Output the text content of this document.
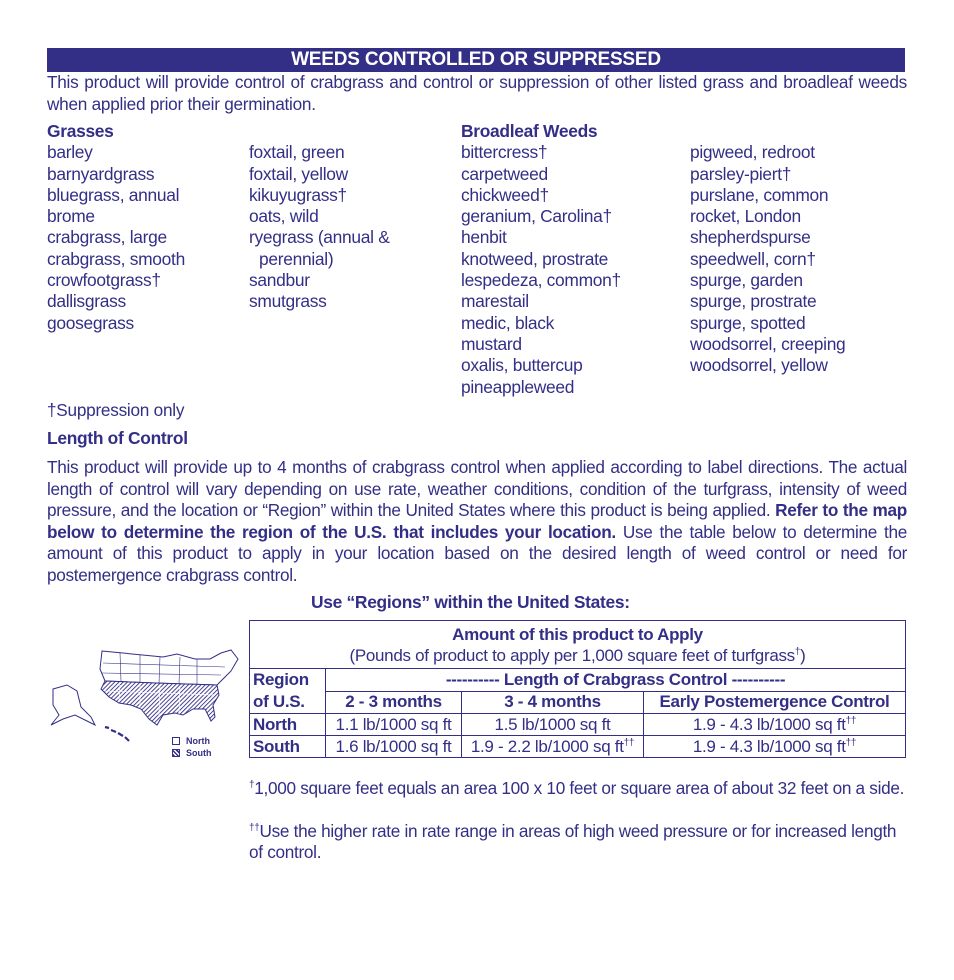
WEEDS CONTROLLED OR SUPPRESSED
This product will provide control of crabgrass and control or suppression of other listed grass and broadleaf weeds when applied prior their germination.
Grasses
barley
barnyardgrass
bluegrass, annual
brome
crabgrass, large
crabgrass, smooth
crowfootgrass†
dallisgrass
goosegrass

foxtail, green
foxtail, yellow
kikuyugrass†
oats, wild
ryegrass (annual &
perennial)
sandbur
smutgrass
Broadleaf Weeds
bittercress†
carpetweed
chickweed†
geranium, Carolina†
henbit
knotweed, prostrate
lespedeza, common†
marestail
medic, black
mustard
oxalis, buttercup
pineappleweed

pigweed, redroot
parsley-piert†
purslane, common
rocket, London
shepherdspurse
speedwell, corn†
spurge, garden
spurge, prostrate
spurge, spotted
woodsorrel, creeping
woodsorrel, yellow
†Suppression only
Length of Control
This product will provide up to 4 months of crabgrass control when applied according to label directions. The actual length of control will vary depending on use rate, weather conditions, condition of the turfgrass, intensity of weed pressure, and the location or “Region” within the United States where this product is being applied. Refer to the map below to determine the region of the U.S. that includes your location. Use the table below to determine the amount of this product to apply in your location based on the desired length of weed control or need for postemergence crabgrass control.
Use “Regions” within the United States:
North
South
Amount of this product to Apply
(Pounds of product to apply per 1,000 square feet of turfgrass†)			

Region of U.S.	---------- Length of Crabgrass Control ----------		
	2 - 3 months	3 - 4 months	Early Postemergence Control
North	1.1 lb/1000 sq ft	1.5 lb/1000 sq ft	1.9 - 4.3 lb/1000 sq ft††
South	1.6 lb/1000 sq ft	1.9 - 2.2 lb/1000 sq ft††	1.9 - 4.3 lb/1000 sq ft††
†1,000 square feet equals an area 100 x 10 feet or square area of about 32 feet on a side.
††Use the higher rate in rate range in areas of high weed pressure or for increased length of control.
